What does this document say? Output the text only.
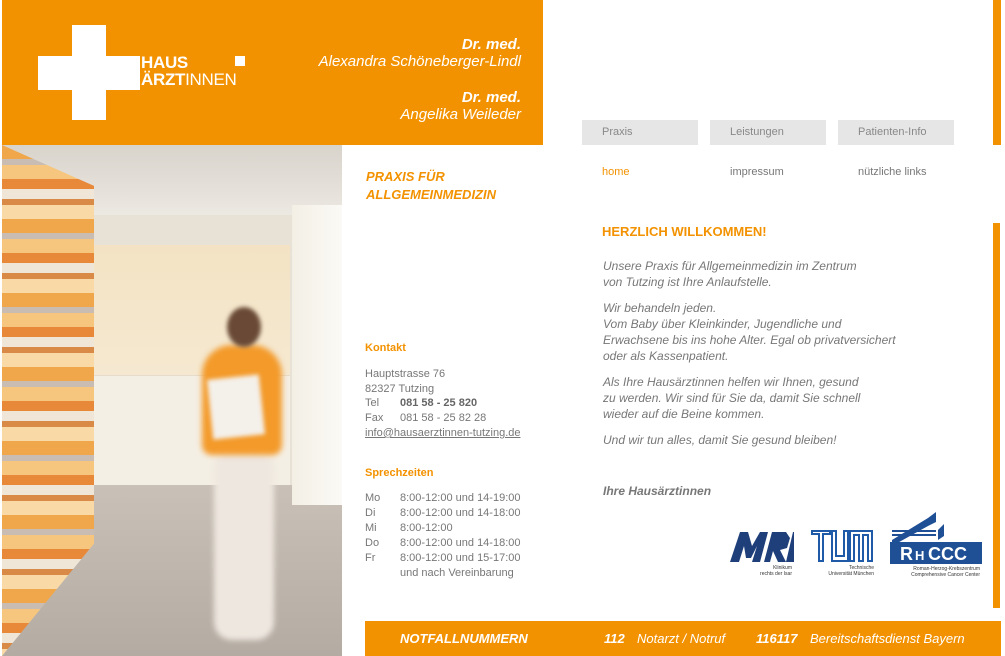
HAUS
ÄRZTINNEN
Dr. med.
Alexandra Schöneberger-Lindl
Dr. med.
Angelika Weileder
Praxis	Leistungen	Patienten-Info
PRAXIS FÜR
ALLGEMEINMEDIZIN
home	impressum	nützliche links
Kontakt
Hauptstrasse 76
82327 Tutzing
Tel 081 58 - 25 820
Fax 081 58 - 25 82 28
info@hausaerztinnen-tutzing.de
Sprechzeiten
Mo 8:00-12:00 und 14-19:00
Di 8:00-12:00 und 14-18:00
Mi 8:00-12:00
Do 8:00-12:00 und 14-18:00
Fr 8:00-12:00 und 15-17:00
und nach Vereinbarung
HERZLICH WILLKOMMEN!
Unsere Praxis für Allgemeinmedizin im Zentrum
von Tutzing ist Ihre Anlaufstelle.
Wir behandeln jeden.
Vom Baby über Kleinkinder, Jugendliche und
Erwachsene bis ins hohe Alter. Egal ob privatversichert
oder als Kassenpatient.
Als Ihre Hausärztinnen helfen wir Ihnen, gesund
zu werden. Wir sind für Sie da, damit Sie schnell
wieder auf die Beine kommen.
Und wir tun alles, damit Sie gesund bleiben!
Ihre Hausärztinnen
Klinikum
rechts der Isar
Technische
Universität München
R H CCC
Roman-Herzog-Krebszentrum
Comprehensive Cancer Center
NOTFALLNUMMERN	112 Notarzt / Notruf 116117 Bereitschaftsdienst Bayern
